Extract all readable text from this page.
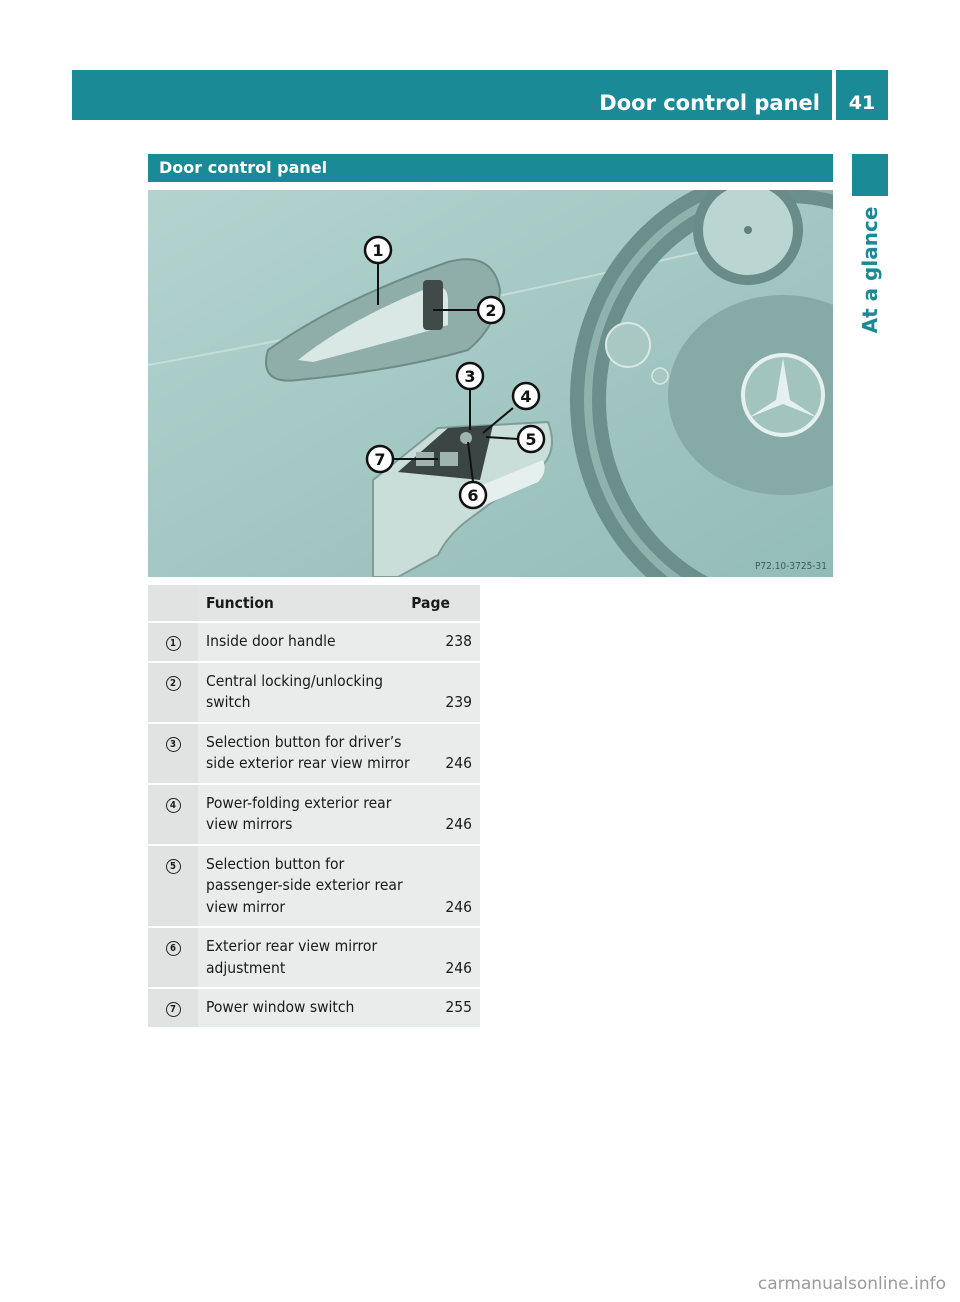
Door control panel	41
At a glance
Door control panel
1
2
3
4
5
6
7
P72.10-3725-31
	Function	Page
1	Inside door handle	238
2	Central locking/unlocking switch	239
3	Selection button for driver’s side exterior rear view mirror	246
4	Power-folding exterior rear view mirrors	246
5	Selection button for passenger-side exterior rear view mirror	246
6	Exterior rear view mirror adjustment	246
7	Power window switch	255
carmanualsonline.info
